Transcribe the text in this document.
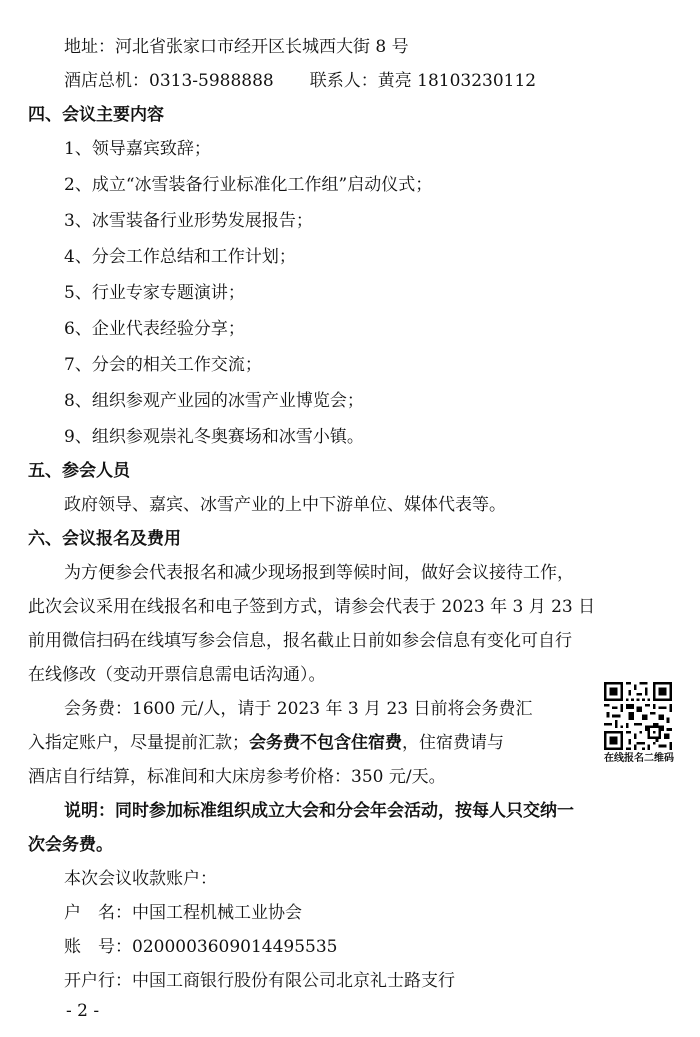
地址：河北省张家口市经开区长城西大街 8 号
酒店总机：0313-5988888 联系人：黄亮 18103230112
四、会议主要内容
1、领导嘉宾致辞；
2、成立“冰雪装备行业标准化工作组”启动仪式；
3、冰雪装备行业形势发展报告；
4、分会工作总结和工作计划；
5、行业专家专题演讲；
6、企业代表经验分享；
7、分会的相关工作交流；
8、组织参观产业园的冰雪产业博览会；
9、组织参观崇礼冬奥赛场和冰雪小镇。
五、参会人员
政府领导、嘉宾、冰雪产业的上中下游单位、媒体代表等。
六、会议报名及费用
为方便参会代表报名和减少现场报到等候时间，做好会议接待工作，
此次会议采用在线报名和电子签到方式，请参会代表于 2023 年 3 月 23 日
前用微信扫码在线填写参会信息，报名截止日前如参会信息有变化可自行
在线修改（变动开票信息需电话沟通）。
会务费：1600 元/人，请于 2023 年 3 月 23 日前将会务费汇
入指定账户，尽量提前汇款；会务费不包含住宿费，住宿费请与
酒店自行结算，标准间和大床房参考价格：350 元/天。
在线报名二维码
说明：同时参加标准组织成立大会和分会年会活动，按每人只交纳一
次会务费。
本次会议收款账户：
户　名：中国工程机械工业协会
账　号：0200003609014495535
开户行：中国工商银行股份有限公司北京礼士路支行
- 2 -
